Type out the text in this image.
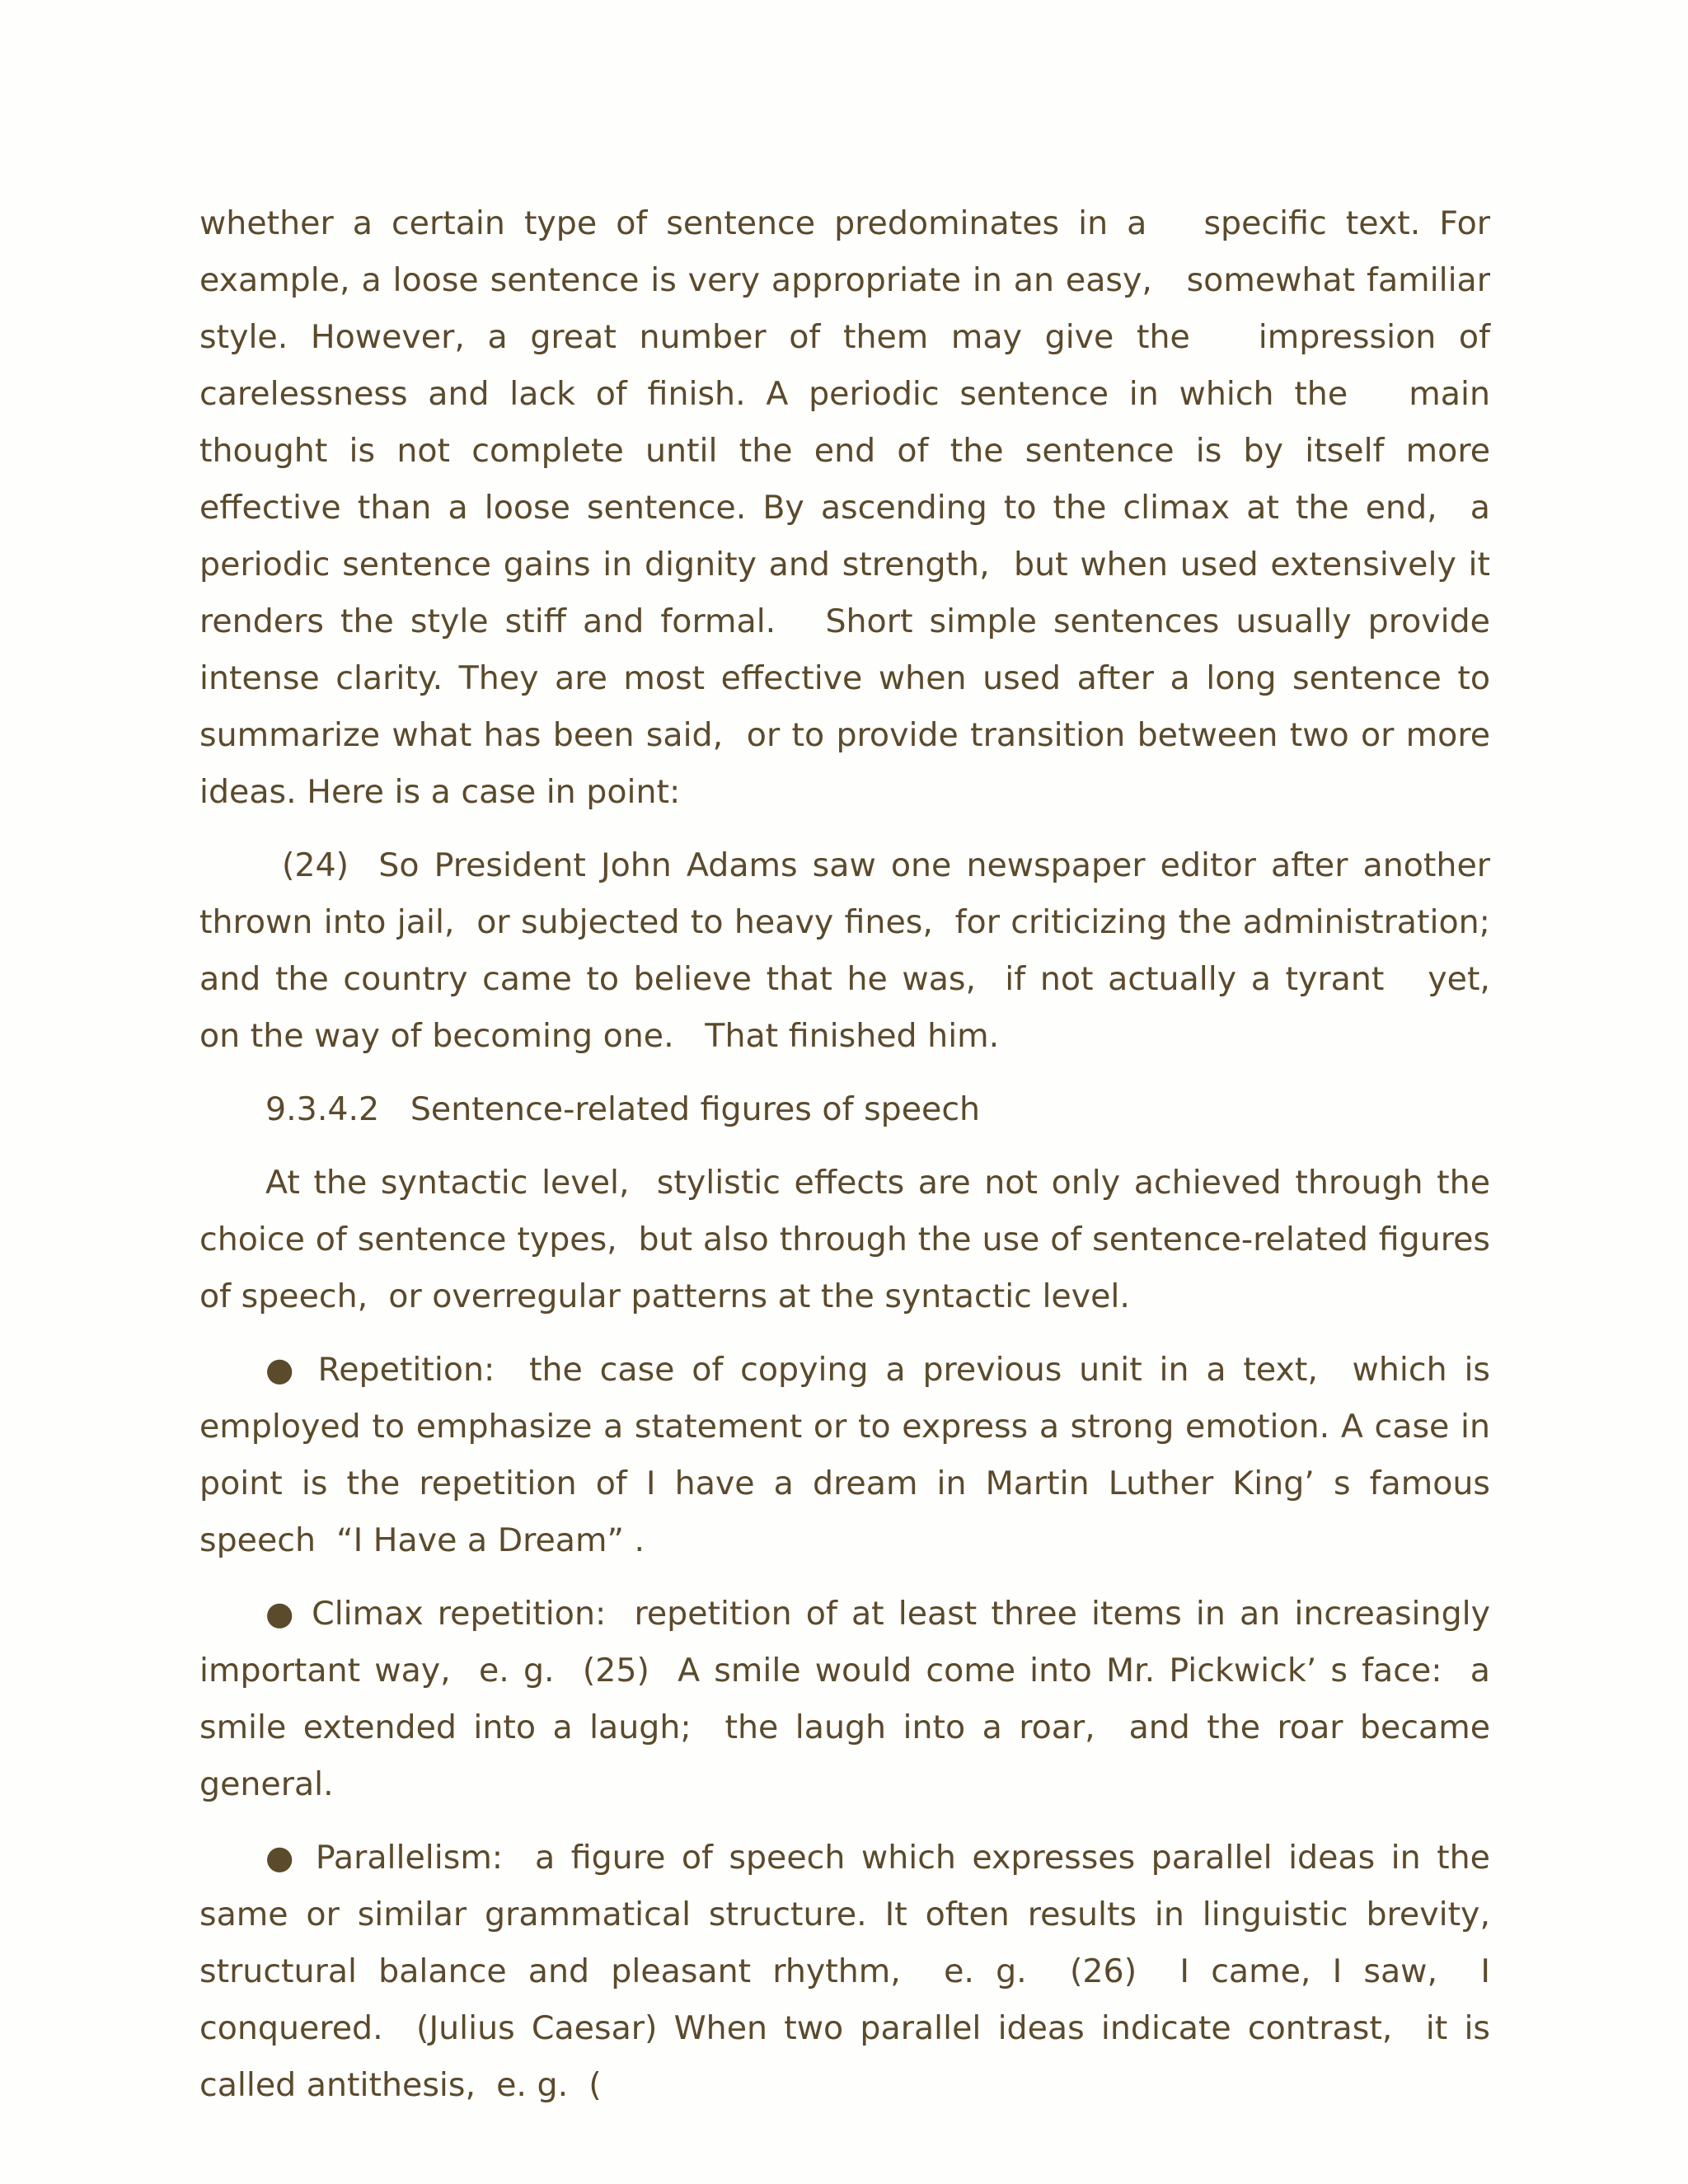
whether a certain type of sentence predominates in a   specific text. For example, a loose sentence is very appropriate in an easy,   somewhat familiar style. However, a great number of them may give the   impression of carelessness and lack of finish. A periodic sentence in which the   main thought is not complete until the end of the sentence is by itself more   effective than a loose sentence. By ascending to the climax at the end,  a   periodic sentence gains in dignity and strength,  but when used extensively it   renders the style stiff and formal.   Short simple sentences usually provide   intense clarity. They are most effective when used after a long sentence to   summarize what has been said,  or to provide transition between two or more   ideas. Here is a case in point:

(24)  So President John Adams saw one newspaper editor after another thrown into jail,  or subjected to heavy fines,  for criticizing the administration; and the country came to believe that he was,  if not actually a tyrant   yet,    on the way of becoming one.   That finished him.

9.3.4.2   Sentence-related figures of speech

At the syntactic level,  stylistic effects are not only achieved through the choice of sentence types,  but also through the use of sentence-related figures of speech,  or overregular patterns at the syntactic level.

● Repetition:  the case of copying a previous unit in a text,  which is employed to emphasize a statement or to express a strong emotion. A case in point is the repetition of I have a dream in Martin Luther King’ s famous speech  “I Have a Dream” .

● Climax repetition:  repetition of at least three items in an increasingly important way,  e. g.  (25)  A smile would come into Mr. Pickwick’ s face:  a smile extended into a laugh;  the laugh into a roar,  and the roar became general.

● Parallelism:  a figure of speech which expresses parallel ideas in the same or similar grammatical structure. It often results in linguistic brevity, structural balance and pleasant rhythm,  e. g.  (26)  I came, I saw,  I conquered.  (Julius Caesar) When two parallel ideas indicate contrast,  it is called antithesis,  e. g.  (
